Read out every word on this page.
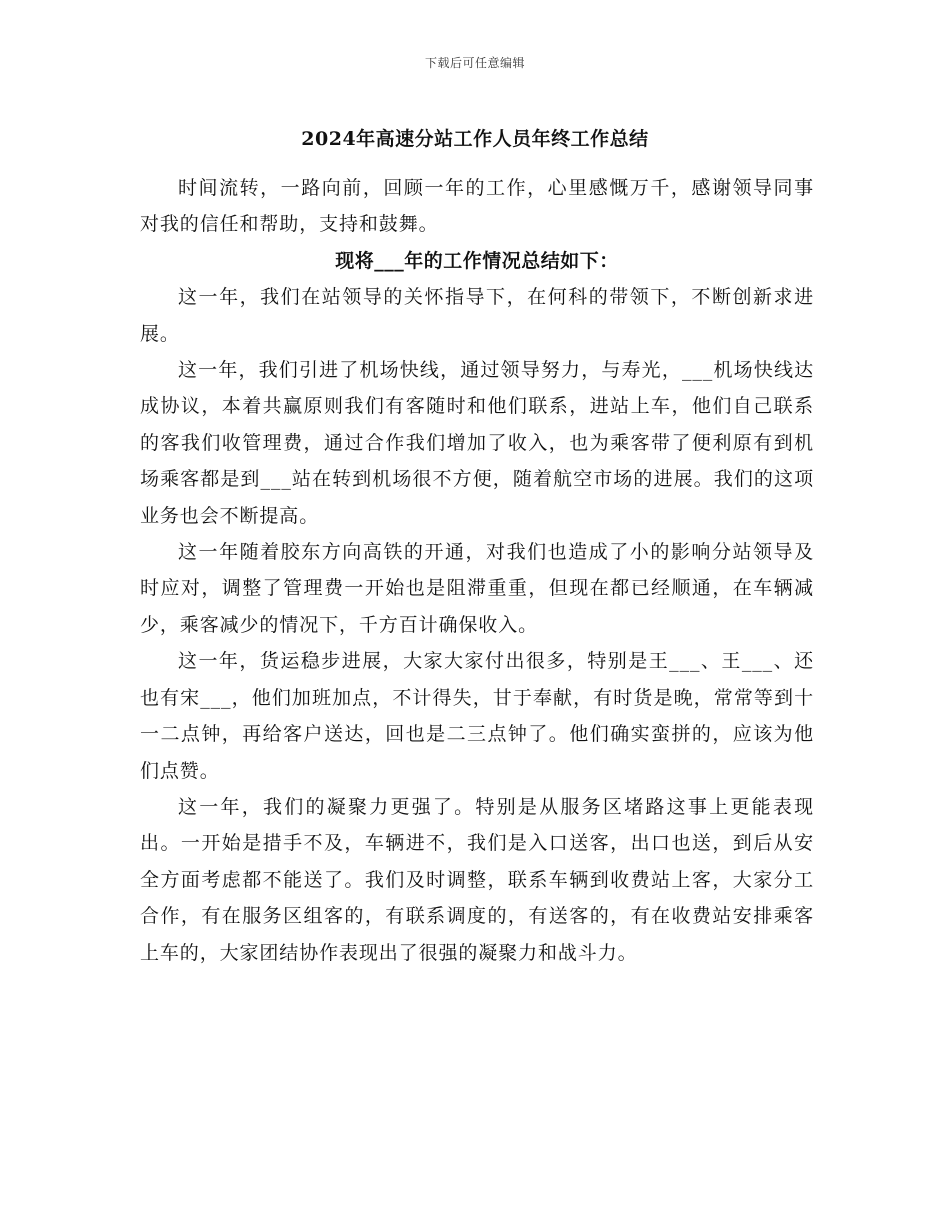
下载后可任意编辑
2024年高速分站工作人员年终工作总结

时间流转，一路向前，回顾一年的工作，心里感慨万千，感谢领导同事对我的信任和帮助，支持和鼓舞。

现将___年的工作情况总结如下：

这一年，我们在站领导的关怀指导下，在何科的带领下，不断创新求进展。

这一年，我们引进了机场快线，通过领导努力，与寿光，___机场快线达成协议，本着共赢原则我们有客随时和他们联系，进站上车，他们自己联系的客我们收管理费，通过合作我们增加了收入，也为乘客带了便利原有到机场乘客都是到___站在转到机场很不方便，随着航空市场的进展。我们的这项业务也会不断提高。

这一年随着胶东方向高铁的开通，对我们也造成了小的影响分站领导及时应对，调整了管理费一开始也是阻滞重重，但现在都已经顺通，在车辆减少，乘客减少的情况下，千方百计确保收入。

这一年，货运稳步进展，大家大家付出很多，特别是王___、王___、还也有宋___，他们加班加点，不计得失，甘于奉献，有时货是晚，常常等到十一二点钟，再给客户送达，回也是二三点钟了。他们确实蛮拼的，应该为他们点赞。

这一年，我们的凝聚力更强了。特别是从服务区堵路这事上更能表现出。一开始是措手不及，车辆进不，我们是入口送客，出口也送，到后从安全方面考虑都不能送了。我们及时调整，联系车辆到收费站上客，大家分工合作，有在服务区组客的，有联系调度的，有送客的，有在收费站安排乘客上车的，大家团结协作表现出了很强的凝聚力和战斗力。
